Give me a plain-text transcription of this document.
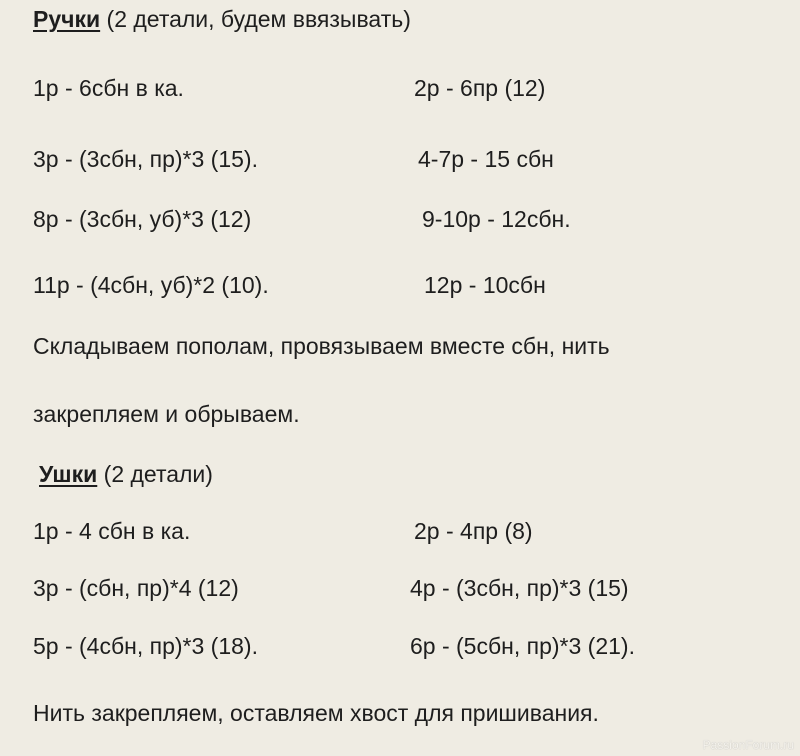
Ручки (2 детали, будем ввязывать)
1р - 6сбн в ка.	2р - 6пр (12)
3р - (3сбн, пр)*3 (15).	4-7р - 15 сбн
8р - (3сбн, уб)*3 (12)	9-10р - 12сбн.
11р - (4сбн, уб)*2 (10).	12р - 10сбн
Складываем пополам, провязываем вместе сбн, нить
закрепляем и обрываем.
Ушки (2 детали)
1р - 4 сбн в ка.	2р - 4пр (8)
3р - (сбн, пр)*4 (12)	4р - (3сбн, пр)*3 (15)
5р - (4сбн, пр)*3 (18).	6р - (5сбн, пр)*3 (21).
Нить закрепляем, оставляем хвост для пришивания.
PassionForum.ru
